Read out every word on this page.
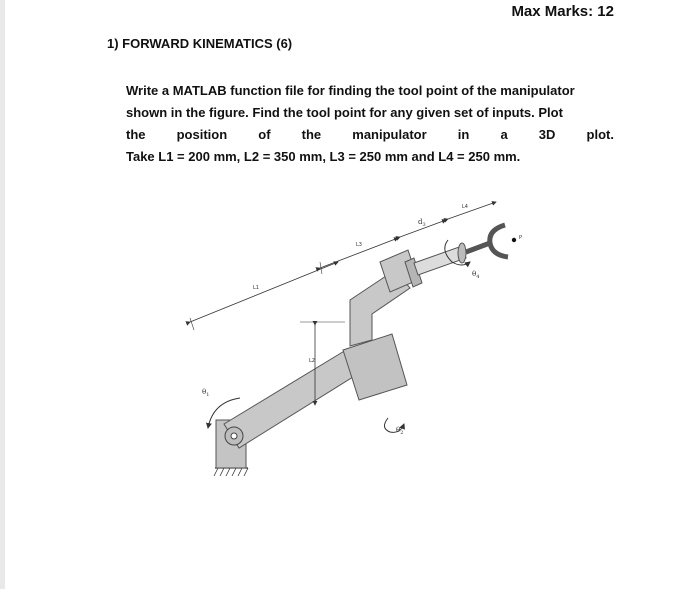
Max Marks: 12
1) FORWARD KINEMATICS (6)
Write a MATLAB function file for finding the tool point of the manipulator
shown in the figure. Find the tool point for any given set of inputs. Plot
the position of the manipulator in a 3D plot.
Take L1 = 200 mm, L2 = 350 mm, L3 = 250 mm and L4 = 250 mm.
P
L1
L3
$d_3$
L4
L2
$\theta_1$
$\theta_2$
$\theta_4$
